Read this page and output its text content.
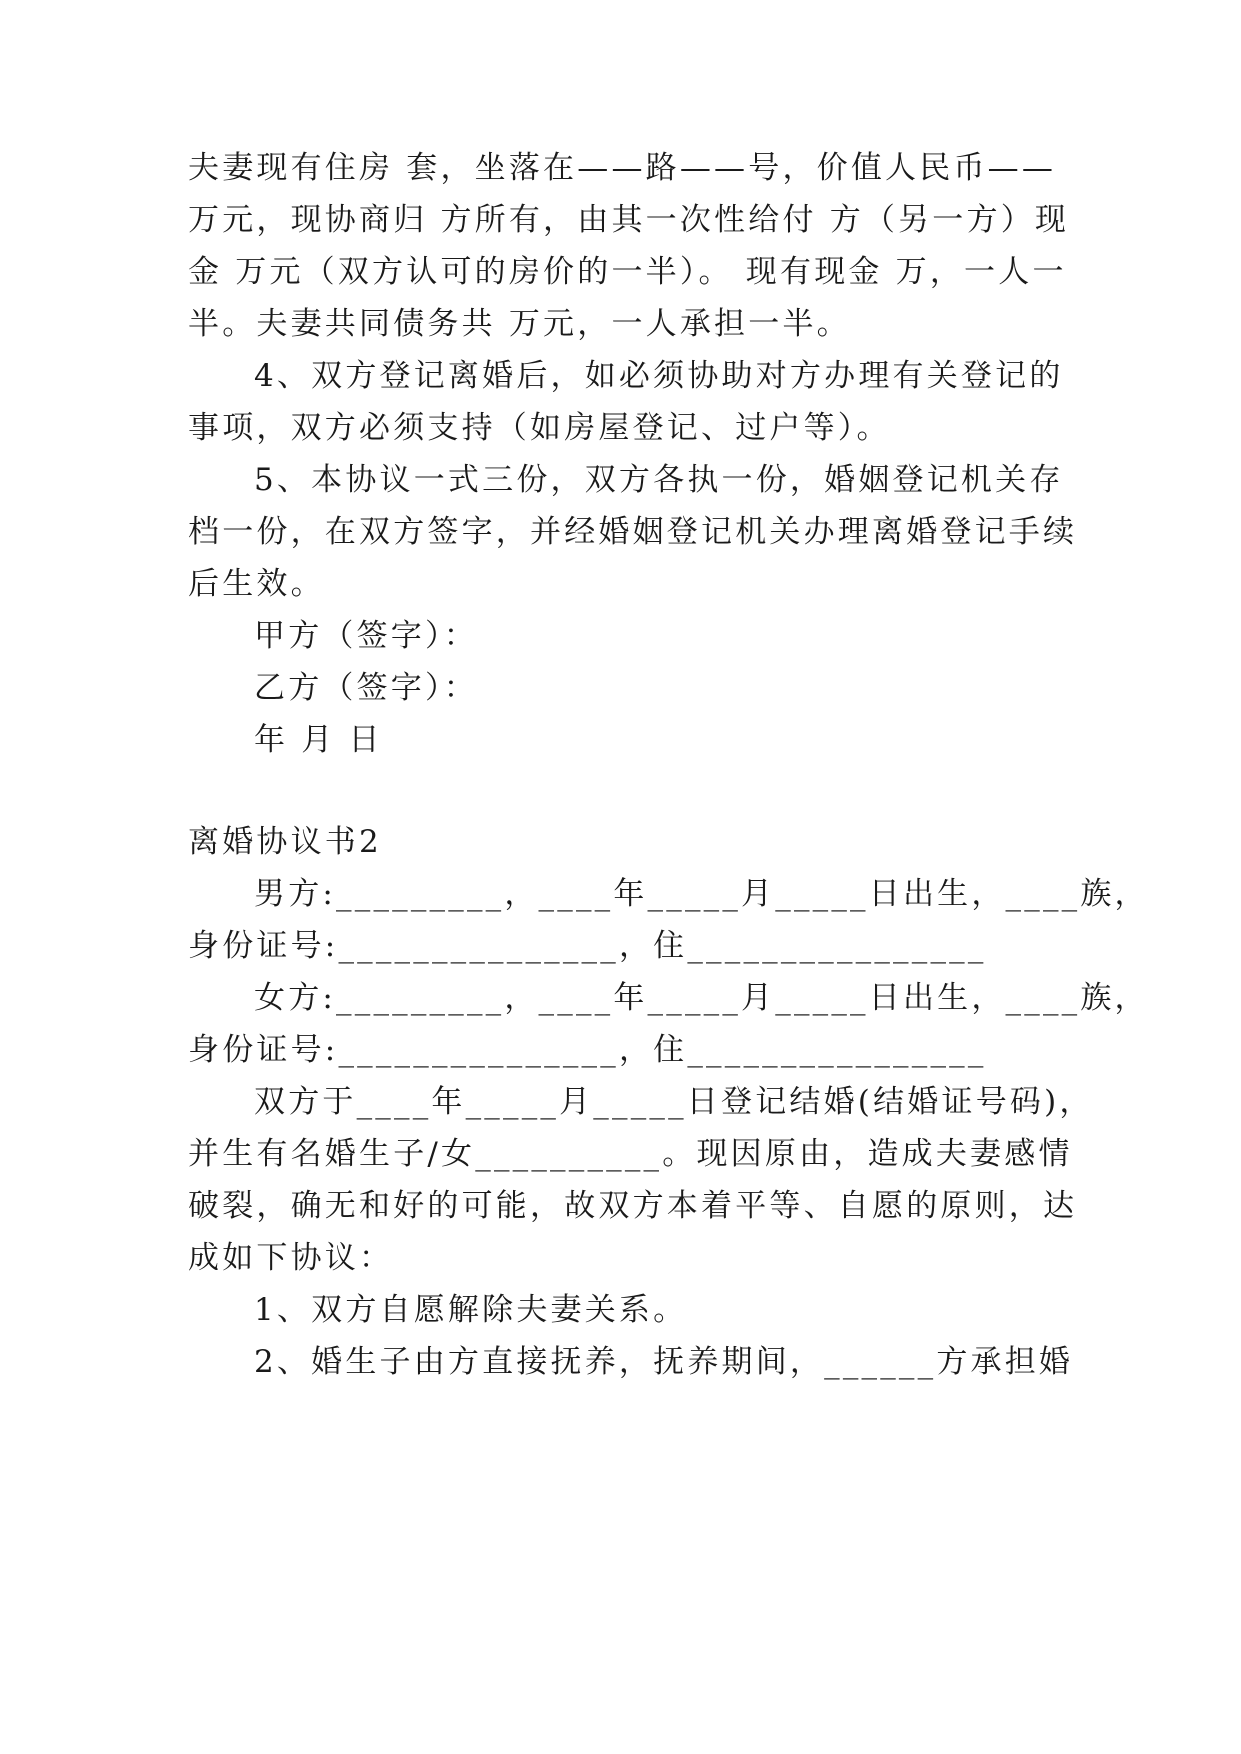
夫妻现有住房 套，坐落在——路——号，价值人民币——
万元，现协商归 方所有，由其一次性给付 方（另一方）现
金 万元（双方认可的房价的一半）。 现有现金 万，一人一
半。夫妻共同债务共 万元，一人承担一半。
4、双方登记离婚后，如必须协助对方办理有关登记的
事项，双方必须支持（如房屋登记、过户等）。
5、本协议一式三份，双方各执一份，婚姻登记机关存
档一份，在双方签字，并经婚姻登记机关办理离婚登记手续
后生效。
甲方（签字）：
乙方（签字）：
年 月 日
离婚协议书2
男方:_________，____年_____月_____日出生，____族，
身份证号:_______________，住________________
女方:_________，____年_____月_____日出生，____族，
身份证号:_______________，住________________
双方于____年_____月_____日登记结婚(结婚证号码)，
并生有名婚生子/女__________。现因原由，造成夫妻感情
破裂，确无和好的可能，故双方本着平等、自愿的原则，达
成如下协议：
1、双方自愿解除夫妻关系。
2、婚生子由方直接抚养，抚养期间，______方承担婚
